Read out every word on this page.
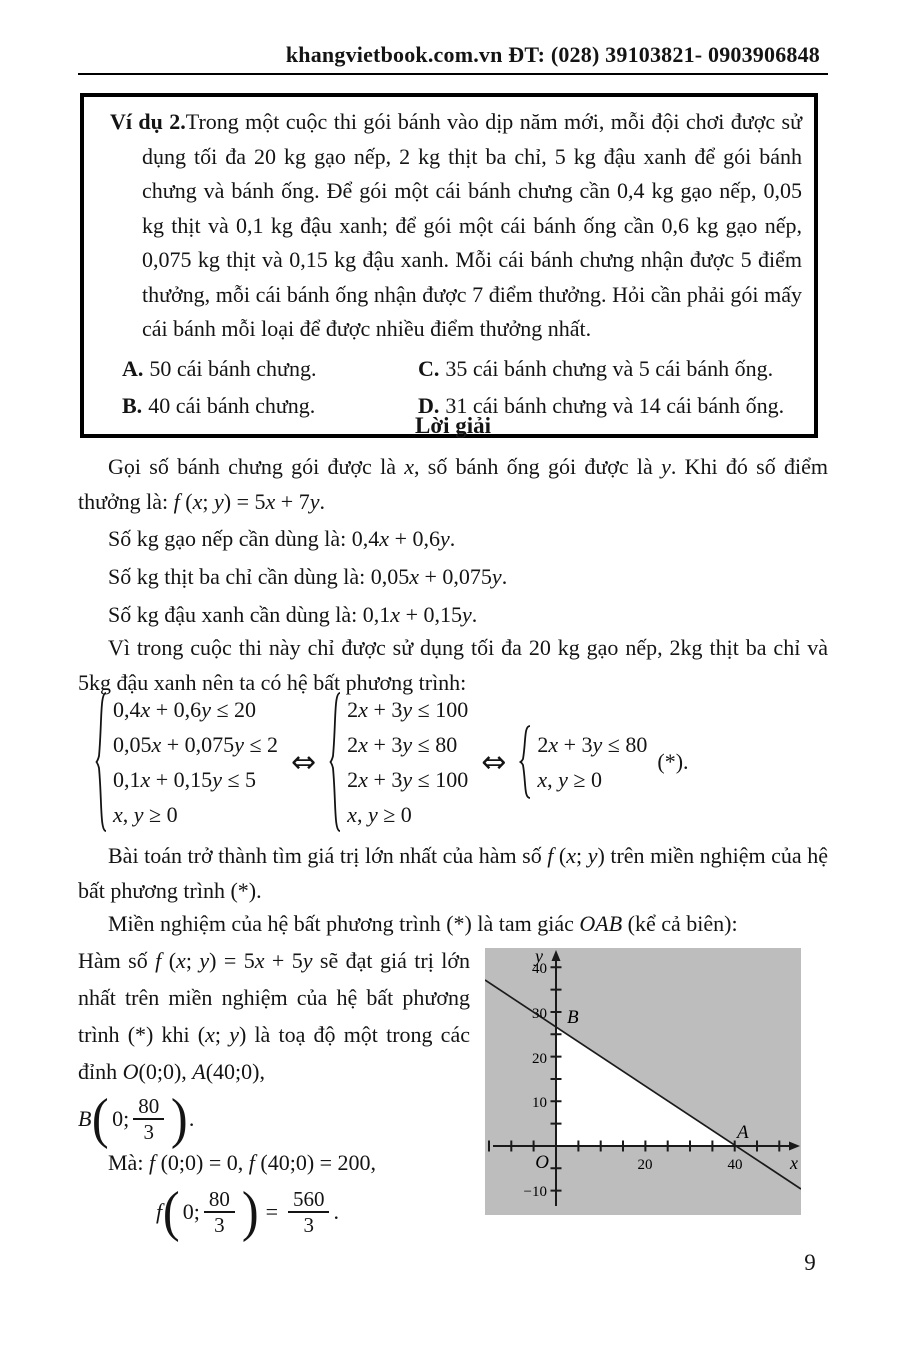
khangvietbook.com.vn ĐT: (028) 39103821- 0903906848

Ví dụ 2.Trong một cuộc thi gói bánh vào dịp năm mới, mỗi đội chơi được sử dụng tối đa 20 kg gạo nếp, 2 kg thịt ba chỉ, 5 kg đậu xanh để gói bánh chưng và bánh ống. Để gói một cái bánh chưng cần 0,4 kg gạo nếp, 0,05 kg thịt và 0,1 kg đậu xanh; để gói một cái bánh ống cần 0,6 kg gạo nếp, 0,075 kg thịt và 0,15 kg đậu xanh. Mỗi cái bánh chưng nhận được 5 điểm thưởng, mỗi cái bánh ống nhận được 7 điểm thưởng. Hỏi cần phải gói mấy cái bánh mỗi loại để được nhiều điểm thưởng nhất.

A. 50 cái bánh chưng.	C. 35 cái bánh chưng và 5 cái bánh ống.
B. 40 cái bánh chưng.	D. 31 cái bánh chưng và 14 cái bánh ống.
Lời giải

Gọi số bánh chưng gói được là x, số bánh ống gói được là y. Khi đó số điểm thưởng là: f (x; y) = 5x + 7y.

Số kg gạo nếp cần dùng là: 0,4x + 0,6y.

Số kg thịt ba chỉ cần dùng là: 0,05x + 0,075y.

Số kg đậu xanh cần dùng là: 0,1x + 0,15y.

Vì trong cuộc thi này chỉ được sử dụng tối đa 20 kg gạo nếp, 2kg thịt ba chỉ và 5kg đậu xanh nên ta có hệ bất phương trình:

0,4x + 0,6y ≤ 20
0,05x + 0,075y ≤ 2
0,1x + 0,15y ≤ 5
x, y ≥ 0
⇔
2x + 3y ≤ 100
2x + 3y ≤ 80
2x + 3y ≤ 100
x, y ≥ 0
⇔ 2x + 3y ≤ 80
x, y ≥ 0
(*).

Bài toán trở thành tìm giá trị lớn nhất của hàm số f (x; y) trên miền nghiệm của hệ bất phương trình (*).

Miền nghiệm của hệ bất phương trình (*) là tam giác OAB (kể cả biên):

Hàm số f (x; y) = 5x + 5y sẽ đạt giá trị lớn nhất trên miền nghiệm của hệ bất phương trình (*) khi (x; y) là toạ độ một trong các đỉnh O(0;0), A(40;0),

B ( 0; $\frac{80}{3}$ ) .

Mà: f (0;0) = 0, f (40;0) = 200,

f ( 0; $\frac{80}{3}$ ) = $\frac{560}{3}$ .
y
x
O
40
30
20
10
−10
20	40
B
A
9
